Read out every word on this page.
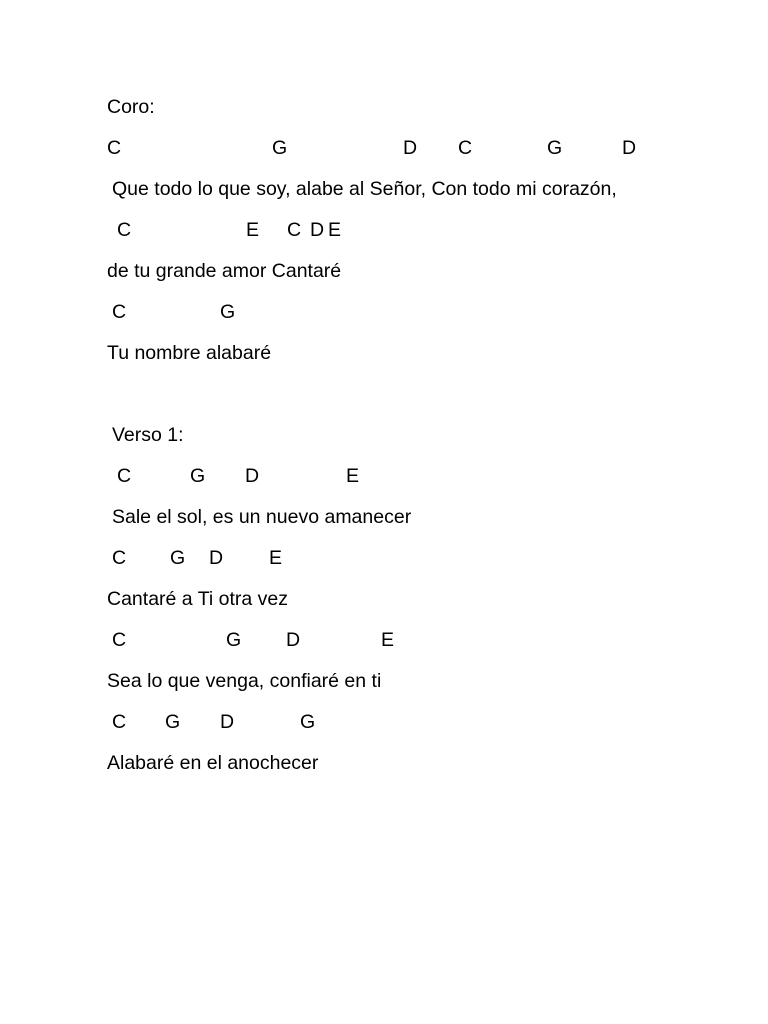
Coro:
C	G	D C	G	D
Que todo lo que soy, alabe al Señor, Con todo mi corazón,
C	E C D E
de tu grande amor Cantaré
C	G
Tu nombre alabaré
Verso 1:
C	G D	E
Sale el sol, es un nuevo amanecer
C G D E
Cantaré a Ti otra vez
C	G D	E
Sea lo que venga, confiaré en ti
C G D	G
Alabaré en el anochecer
